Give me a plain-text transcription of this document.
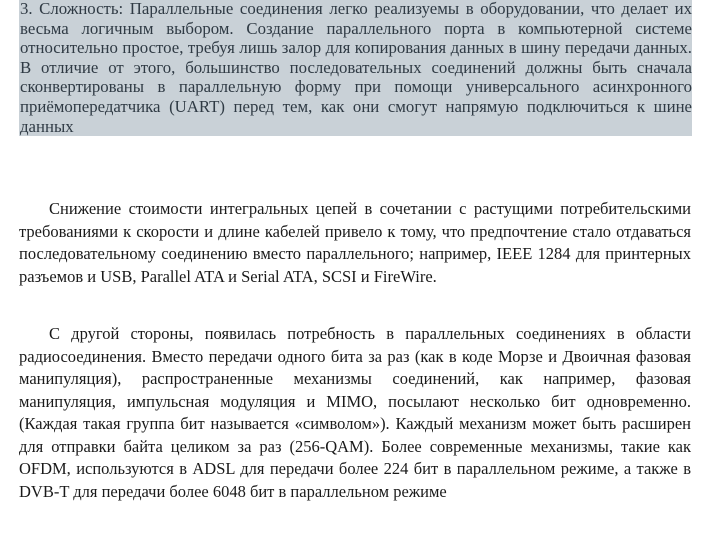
3. Сложность: Параллельные соединения легко реализуемы в оборудовании, что делает их весьма логичным выбором. Создание параллельного порта в компьютерной системе относительно простое, требуя лишь залор для копирования данных в шину передачи данных. В отличие от этого, большинство последовательных соединений должны быть сначала сконвертированы в параллельную форму при помощи универсального асинхронного приёмопередатчика (UART) перед тем, как они смогут напрямую подключиться к шине данных

Снижение стоимости интегральных цепей в сочетании с растущими потребительскими требованиями к скорости и длине кабелей привело к тому, что предпочтение стало отдаваться последовательному соединению вместо параллельного; например, IEEE 1284 для принтерных разъемов и USB, Parallel ATA и Serial ATA, SCSI и FireWire.

С другой стороны, появилась потребность в параллельных соединениях в области радиосоединения. Вместо передачи одного бита за раз (как в коде Морзе и Двоичная фазовая манипуляция), распространенные механизмы соединений, как например, фазовая манипуляция, импульсная модуляция и MIMO, посылают несколько бит одновременно. (Каждая такая группа бит называется «символом»). Каждый механизм может быть расширен для отправки байта целиком за раз (256-QAM). Более современные механизмы, такие как OFDM, используются в ADSL для передачи более 224 бит в параллельном режиме, а также в DVB-T для передачи более 6048 бит в параллельном режиме
